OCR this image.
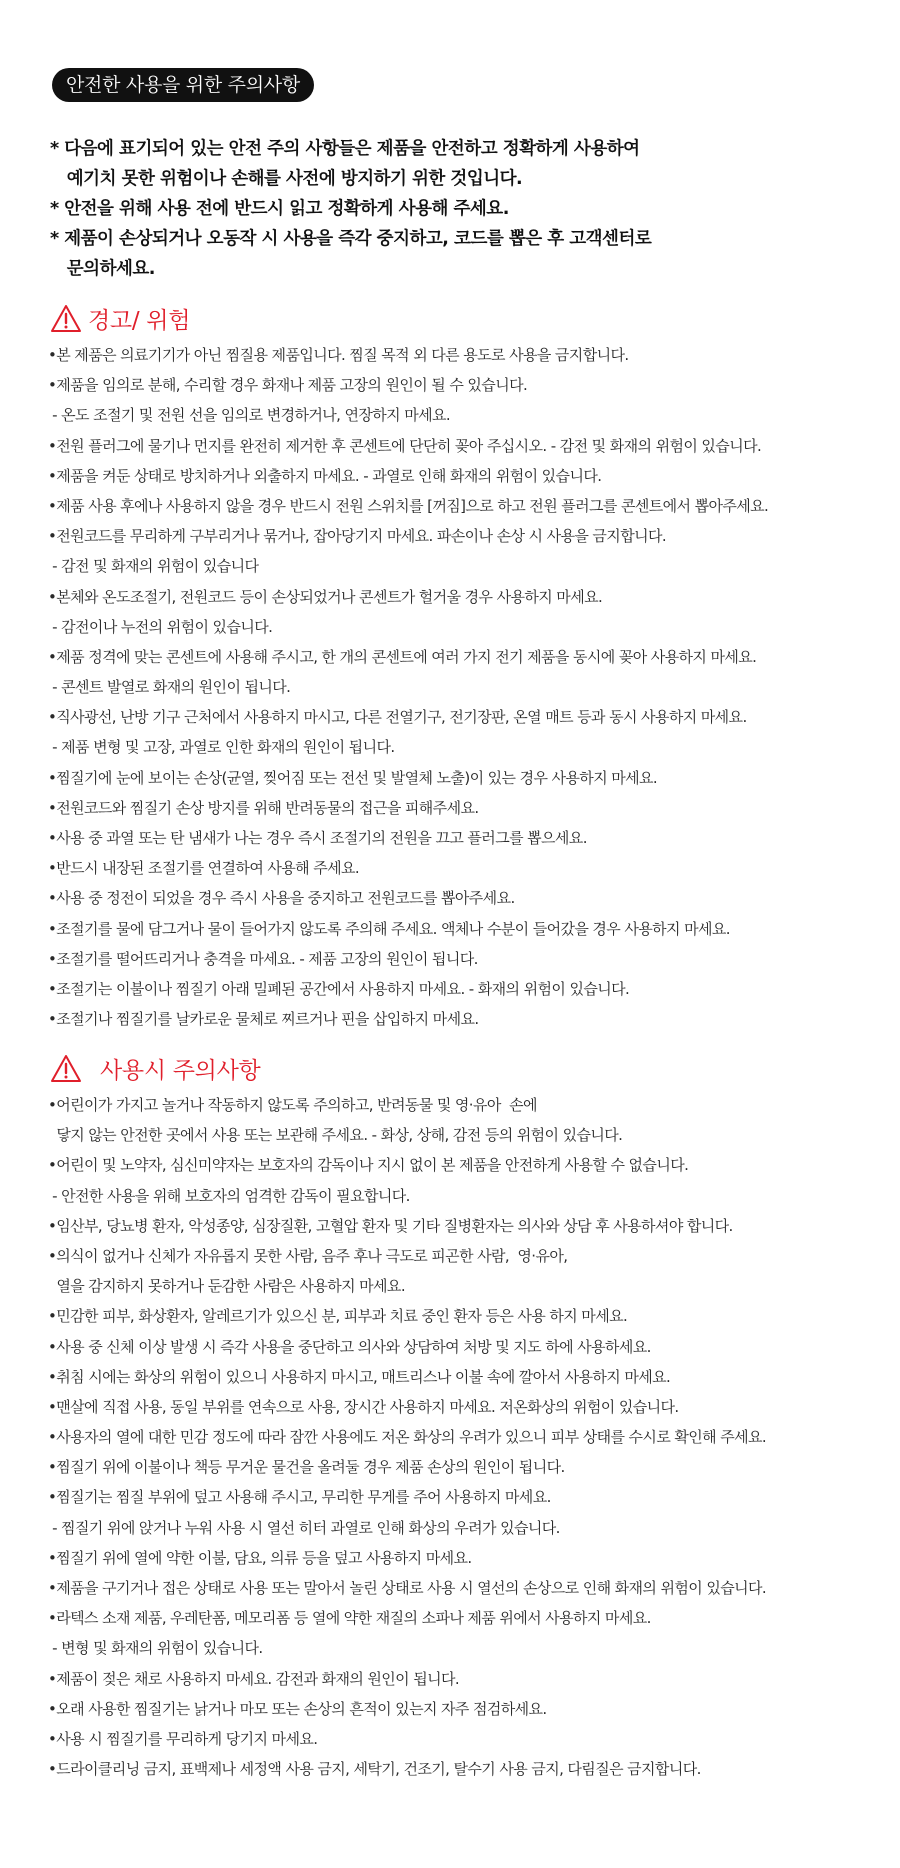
안전한 사용을 위한 주의사항
* 다음에 표기되어 있는 안전 주의 사항들은 제품을 안전하고 정확하게 사용하여
예기치 못한 위험이나 손해를 사전에 방지하기 위한 것입니다.
* 안전을 위해 사용 전에 반드시 읽고 정확하게 사용해 주세요.
* 제품이 손상되거나 오동작 시 사용을 즉각 중지하고, 코드를 뽑은 후 고객센터로
문의하세요.
경고/ 위험
•본 제품은 의료기기가 아닌 찜질용 제품입니다. 찜질 목적 외 다른 용도로 사용을 금지합니다.
•제품을 임의로 분해, 수리할 경우 화재나 제품 고장의 원인이 될 수 있습니다.
- 온도 조절기 및 전원 선을 임의로 변경하거나, 연장하지 마세요.
•전원 플러그에 물기나 먼지를 완전히 제거한 후 콘센트에 단단히 꽂아 주십시오. - 감전 및 화재의 위험이 있습니다.
•제품을 켜둔 상태로 방치하거나 외출하지 마세요. - 과열로 인해 화재의 위험이 있습니다.
•제품 사용 후에나 사용하지 않을 경우 반드시 전원 스위치를 [꺼짐]으로 하고 전원 플러그를 콘센트에서 뽑아주세요.
•전원코드를 무리하게 구부리거나 묶거나, 잡아당기지 마세요. 파손이나 손상 시 사용을 금지합니다.
- 감전 및 화재의 위험이 있습니다
•본체와 온도조절기, 전원코드 등이 손상되었거나 콘센트가 헐거울 경우 사용하지 마세요.
- 감전이나 누전의 위험이 있습니다.
•제품 정격에 맞는 콘센트에 사용해 주시고, 한 개의 콘센트에 여러 가지 전기 제품을 동시에 꽂아 사용하지 마세요.
- 콘센트 발열로 화재의 원인이 됩니다.
•직사광선, 난방 기구 근처에서 사용하지 마시고, 다른 전열기구, 전기장판, 온열 매트 등과 동시 사용하지 마세요.
- 제품 변형 및 고장, 과열로 인한 화재의 원인이 됩니다.
•찜질기에 눈에 보이는 손상(균열, 찢어짐 또는 전선 및 발열체 노출)이 있는 경우 사용하지 마세요.
•전원코드와 찜질기 손상 방지를 위해 반려동물의 접근을 피해주세요.
•사용 중 과열 또는 탄 냄새가 나는 경우 즉시 조절기의 전원을 끄고 플러그를 뽑으세요.
•반드시 내장된 조절기를 연결하여 사용해 주세요.
•사용 중 정전이 되었을 경우 즉시 사용을 중지하고 전원코드를 뽑아주세요.
•조절기를 물에 담그거나 물이 들어가지 않도록 주의해 주세요. 액체나 수분이 들어갔을 경우 사용하지 마세요.
•조절기를 떨어뜨리거나 충격을 마세요. - 제품 고장의 원인이 됩니다.
•조절기는 이불이나 찜질기 아래 밀폐된 공간에서 사용하지 마세요. - 화재의 위험이 있습니다.
•조절기나 찜질기를 날카로운 물체로 찌르거나 핀을 삽입하지 마세요.
사용시 주의사항
•어린이가 가지고 놀거나 작동하지 않도록 주의하고, 반려동물 및 영·유아  손에
닿지 않는 안전한 곳에서 사용 또는 보관해 주세요. - 화상, 상해, 감전 등의 위험이 있습니다.
•어린이 및 노약자, 심신미약자는 보호자의 감독이나 지시 없이 본 제품을 안전하게 사용할 수 없습니다.
- 안전한 사용을 위해 보호자의 엄격한 감독이 필요합니다.
•임산부, 당뇨병 환자, 악성종양, 심장질환, 고혈압 환자 및 기타 질병환자는 의사와 상담 후 사용하셔야 합니다.
•의식이 없거나 신체가 자유롭지 못한 사람, 음주 후나 극도로 피곤한 사람,  영·유아,
열을 감지하지 못하거나 둔감한 사람은 사용하지 마세요.
•민감한 피부, 화상환자, 알레르기가 있으신 분, 피부과 치료 중인 환자 등은 사용 하지 마세요.
•사용 중 신체 이상 발생 시 즉각 사용을 중단하고 의사와 상담하여 처방 및 지도 하에 사용하세요.
•취침 시에는 화상의 위험이 있으니 사용하지 마시고, 매트리스나 이불 속에 깔아서 사용하지 마세요.
•맨살에 직접 사용, 동일 부위를 연속으로 사용, 장시간 사용하지 마세요. 저온화상의 위험이 있습니다.
•사용자의 열에 대한 민감 정도에 따라 잠깐 사용에도 저온 화상의 우려가 있으니 피부 상태를 수시로 확인해 주세요.
•찜질기 위에 이불이나 책등 무거운 물건을 올려둘 경우 제품 손상의 원인이 됩니다.
•찜질기는 찜질 부위에 덮고 사용해 주시고, 무리한 무게를 주어 사용하지 마세요.
- 찜질기 위에 앉거나 누워 사용 시 열선 히터 과열로 인해 화상의 우려가 있습니다.
•찜질기 위에 열에 약한 이불, 담요, 의류 등을 덮고 사용하지 마세요.
•제품을 구기거나 접은 상태로 사용 또는 말아서 놀린 상태로 사용 시 열선의 손상으로 인해 화재의 위험이 있습니다.
•라텍스 소재 제품, 우레탄폼, 메모리폼 등 열에 약한 재질의 소파나 제품 위에서 사용하지 마세요.
- 변형 및 화재의 위험이 있습니다.
•제품이 젖은 채로 사용하지 마세요. 감전과 화재의 원인이 됩니다.
•오래 사용한 찜질기는 낡거나 마모 또는 손상의 흔적이 있는지 자주 점검하세요.
•사용 시 찜질기를 무리하게 당기지 마세요.
•드라이클리닝 금지, 표백제나 세정액 사용 금지, 세탁기, 건조기, 탈수기 사용 금지, 다림질은 금지합니다.
